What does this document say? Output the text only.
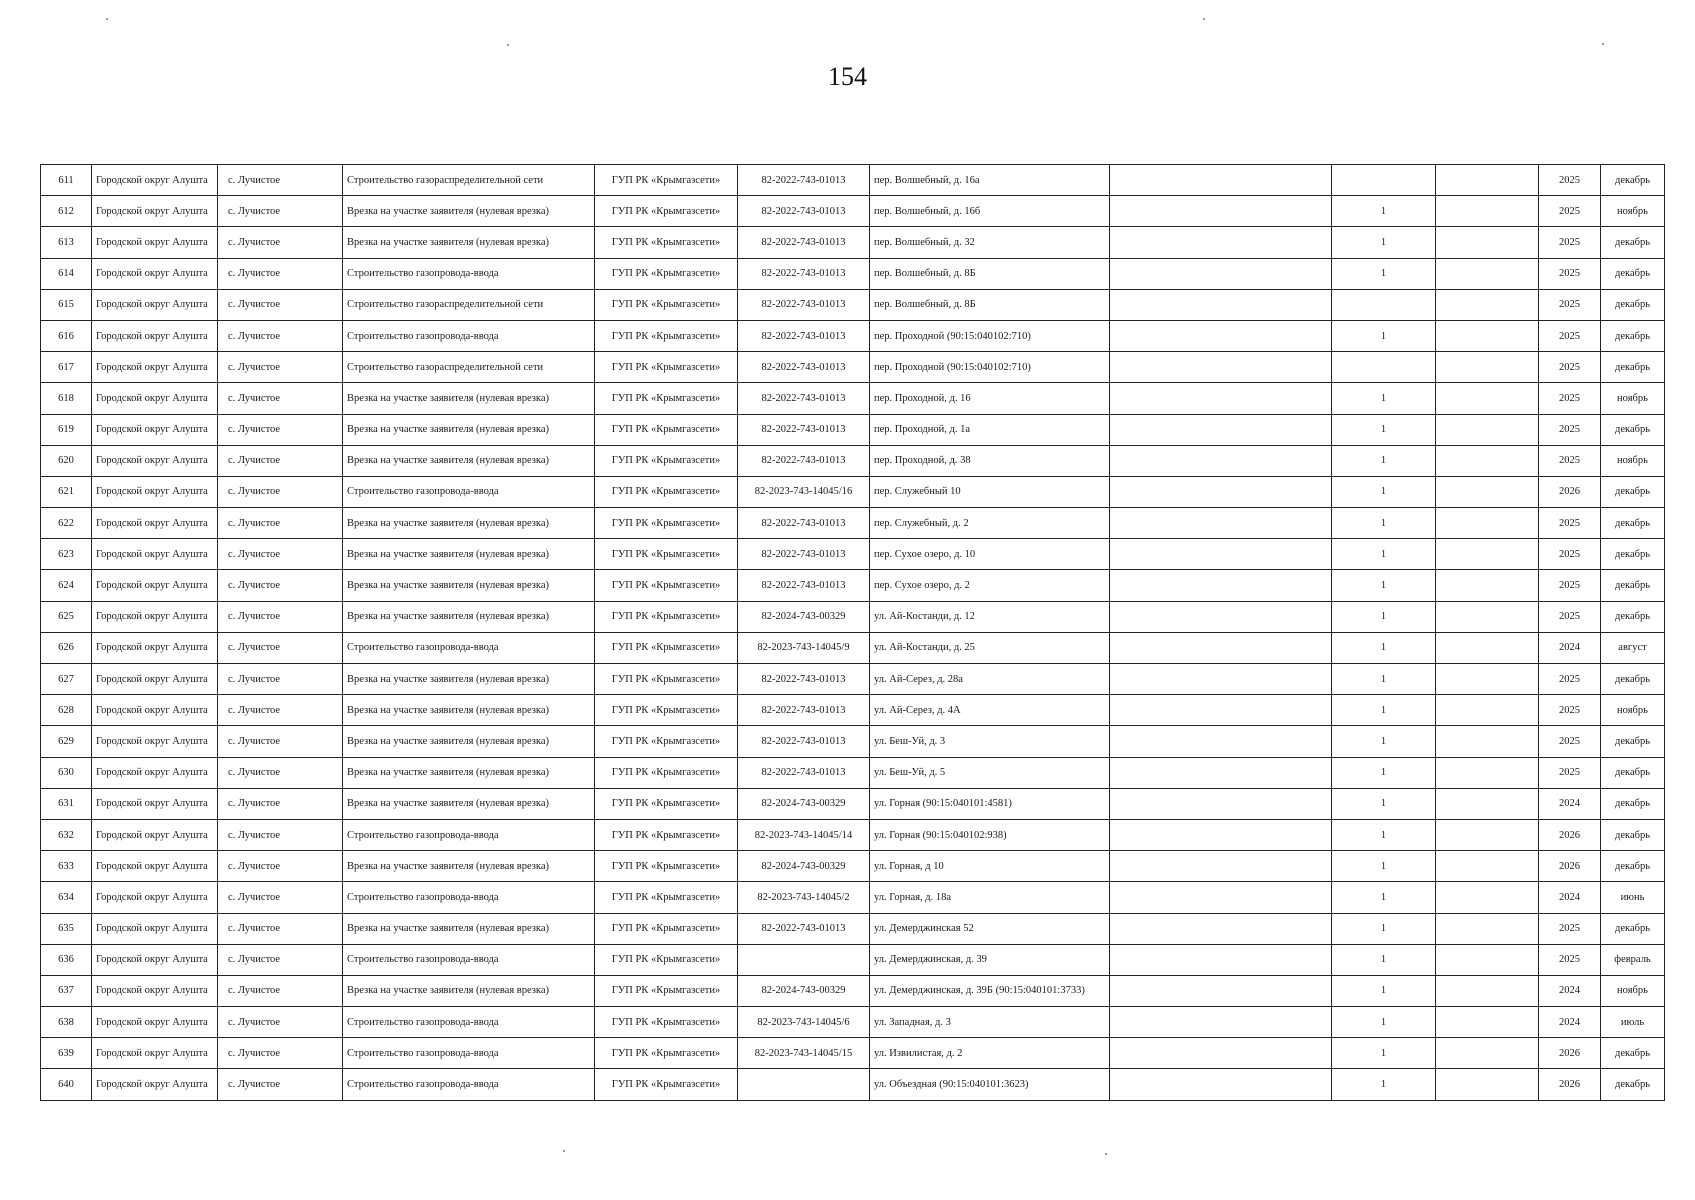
154
611	Городской округ Алушта	с. Лучистое	Строительство газораспределительной сети	ГУП РК «Крымгазсети»	82-2022-743-01013	пер. Волшебный, д. 16а				2025	декабрь
612	Городской округ Алушта	с. Лучистое	Врезка на участке заявителя (нулевая врезка)	ГУП РК «Крымгазсети»	82-2022-743-01013	пер. Волшебный, д. 16б		1		2025	ноябрь
613	Городской округ Алушта	с. Лучистое	Врезка на участке заявителя (нулевая врезка)	ГУП РК «Крымгазсети»	82-2022-743-01013	пер. Волшебный, д. 32		1		2025	декабрь
614	Городской округ Алушта	с. Лучистое	Строительство газопровода-ввода	ГУП РК «Крымгазсети»	82-2022-743-01013	пер. Волшебный, д. 8Б		1		2025	декабрь
615	Городской округ Алушта	с. Лучистое	Строительство газораспределительной сети	ГУП РК «Крымгазсети»	82-2022-743-01013	пер. Волшебный, д. 8Б				2025	декабрь
616	Городской округ Алушта	с. Лучистое	Строительство газопровода-ввода	ГУП РК «Крымгазсети»	82-2022-743-01013	пер. Проходной (90:15:040102:710)		1		2025	декабрь
617	Городской округ Алушта	с. Лучистое	Строительство газораспределительной сети	ГУП РК «Крымгазсети»	82-2022-743-01013	пер. Проходной (90:15:040102:710)				2025	декабрь
618	Городской округ Алушта	с. Лучистое	Врезка на участке заявителя (нулевая врезка)	ГУП РК «Крымгазсети»	82-2022-743-01013	пер. Проходной, д. 16		1		2025	ноябрь
619	Городской округ Алушта	с. Лучистое	Врезка на участке заявителя (нулевая врезка)	ГУП РК «Крымгазсети»	82-2022-743-01013	пер. Проходной, д. 1а		1		2025	декабрь
620	Городской округ Алушта	с. Лучистое	Врезка на участке заявителя (нулевая врезка)	ГУП РК «Крымгазсети»	82-2022-743-01013	пер. Проходной, д. 38		1		2025	ноябрь
621	Городской округ Алушта	с. Лучистое	Строительство газопровода-ввода	ГУП РК «Крымгазсети»	82-2023-743-14045/16	пер. Служебный 10		1		2026	декабрь
622	Городской округ Алушта	с. Лучистое	Врезка на участке заявителя (нулевая врезка)	ГУП РК «Крымгазсети»	82-2022-743-01013	пер. Служебный, д. 2		1		2025	декабрь
623	Городской округ Алушта	с. Лучистое	Врезка на участке заявителя (нулевая врезка)	ГУП РК «Крымгазсети»	82-2022-743-01013	пер. Сухое озеро, д. 10		1		2025	декабрь
624	Городской округ Алушта	с. Лучистое	Врезка на участке заявителя (нулевая врезка)	ГУП РК «Крымгазсети»	82-2022-743-01013	пер. Сухое озеро, д. 2		1		2025	декабрь
625	Городской округ Алушта	с. Лучистое	Врезка на участке заявителя (нулевая врезка)	ГУП РК «Крымгазсети»	82-2024-743-00329	ул. Ай-Костанди, д. 12		1		2025	декабрь
626	Городской округ Алушта	с. Лучистое	Строительство газопровода-ввода	ГУП РК «Крымгазсети»	82-2023-743-14045/9	ул. Ай-Костанди, д. 25		1		2024	август
627	Городской округ Алушта	с. Лучистое	Врезка на участке заявителя (нулевая врезка)	ГУП РК «Крымгазсети»	82-2022-743-01013	ул. Ай-Серез, д. 28а		1		2025	декабрь
628	Городской округ Алушта	с. Лучистое	Врезка на участке заявителя (нулевая врезка)	ГУП РК «Крымгазсети»	82-2022-743-01013	ул. Ай-Серез, д. 4А		1		2025	ноябрь
629	Городской округ Алушта	с. Лучистое	Врезка на участке заявителя (нулевая врезка)	ГУП РК «Крымгазсети»	82-2022-743-01013	ул. Беш-Уй, д. 3		1		2025	декабрь
630	Городской округ Алушта	с. Лучистое	Врезка на участке заявителя (нулевая врезка)	ГУП РК «Крымгазсети»	82-2022-743-01013	ул. Беш-Уй, д. 5		1		2025	декабрь
631	Городской округ Алушта	с. Лучистое	Врезка на участке заявителя (нулевая врезка)	ГУП РК «Крымгазсети»	82-2024-743-00329	ул. Горная (90:15:040101:4581)		1		2024	декабрь
632	Городской округ Алушта	с. Лучистое	Строительство газопровода-ввода	ГУП РК «Крымгазсети»	82-2023-743-14045/14	ул. Горная (90:15:040102:938)		1		2026	декабрь
633	Городской округ Алушта	с. Лучистое	Врезка на участке заявителя (нулевая врезка)	ГУП РК «Крымгазсети»	82-2024-743-00329	ул. Горная, д 10		1		2026	декабрь
634	Городской округ Алушта	с. Лучистое	Строительство газопровода-ввода	ГУП РК «Крымгазсети»	82-2023-743-14045/2	ул. Горная, д. 18а		1		2024	июнь
635	Городской округ Алушта	с. Лучистое	Врезка на участке заявителя (нулевая врезка)	ГУП РК «Крымгазсети»	82-2022-743-01013	ул. Демерджинская 52		1		2025	декабрь
636	Городской округ Алушта	с. Лучистое	Строительство газопровода-ввода	ГУП РК «Крымгазсети»		ул. Демерджинская, д. 39		1		2025	февраль
637	Городской округ Алушта	с. Лучистое	Врезка на участке заявителя (нулевая врезка)	ГУП РК «Крымгазсети»	82-2024-743-00329	ул. Демерджинская, д. 39Б (90:15:040101:3733)		1		2024	ноябрь
638	Городской округ Алушта	с. Лучистое	Строительство газопровода-ввода	ГУП РК «Крымгазсети»	82-2023-743-14045/6	ул. Западная, д. 3		1		2024	июль
639	Городской округ Алушта	с. Лучистое	Строительство газопровода-ввода	ГУП РК «Крымгазсети»	82-2023-743-14045/15	ул. Извилистая, д. 2		1		2026	декабрь
640	Городской округ Алушта	с. Лучистое	Строительство газопровода-ввода	ГУП РК «Крымгазсети»		ул. Объездная (90:15:040101:3623)		1		2026	декабрь
